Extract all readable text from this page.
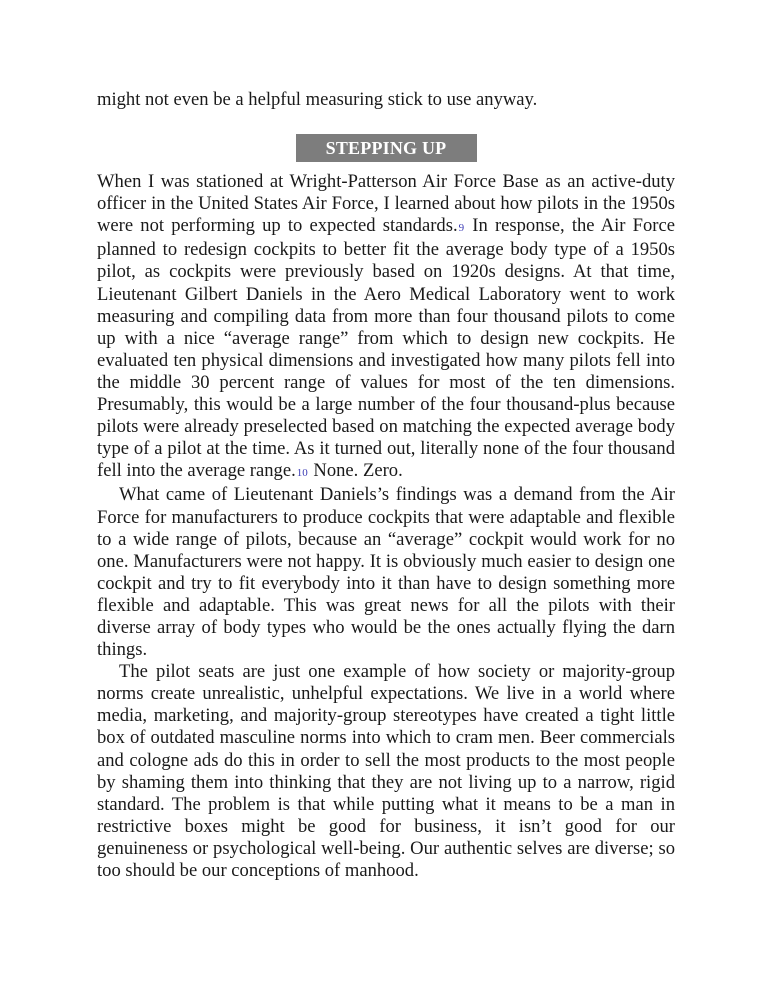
might not even be a helpful measuring stick to use anyway.

STEPPING UP

When I was stationed at Wright-Patterson Air Force Base as an active-duty officer in the United States Air Force, I learned about how pilots in the 1950s were not performing up to expected standards.9 In response, the Air Force planned to redesign cockpits to better fit the average body type of a 1950s pilot, as cockpits were previously based on 1920s designs. At that time, Lieutenant Gilbert Daniels in the Aero Medical Laboratory went to work measuring and compiling data from more than four thousand pilots to come up with a nice “average range” from which to design new cockpits. He evaluated ten physical dimensions and investigated how many pilots fell into the middle 30 percent range of values for most of the ten dimensions. Presumably, this would be a large number of the four thousand-plus because pilots were already preselected based on matching the expected average body type of a pilot at the time. As it turned out, literally none of the four thousand fell into the average range.10 None. Zero.

What came of Lieutenant Daniels’s findings was a demand from the Air Force for manufacturers to produce cockpits that were adaptable and flexible to a wide range of pilots, because an “average” cockpit would work for no one. Manufacturers were not happy. It is obviously much easier to design one cockpit and try to fit everybody into it than have to design something more flexible and adaptable. This was great news for all the pilots with their diverse array of body types who would be the ones actually flying the darn things.

The pilot seats are just one example of how society or majority-group norms create unrealistic, unhelpful expectations. We live in a world where media, marketing, and majority-group stereotypes have created a tight little box of outdated masculine norms into which to cram men. Beer commercials and cologne ads do this in order to sell the most products to the most people by shaming them into thinking that they are not living up to a narrow, rigid standard. The problem is that while putting what it means to be a man in restrictive boxes might be good for business, it isn’t good for our genuineness or psychological well-being. Our authentic selves are diverse; so too should be our conceptions of manhood.
